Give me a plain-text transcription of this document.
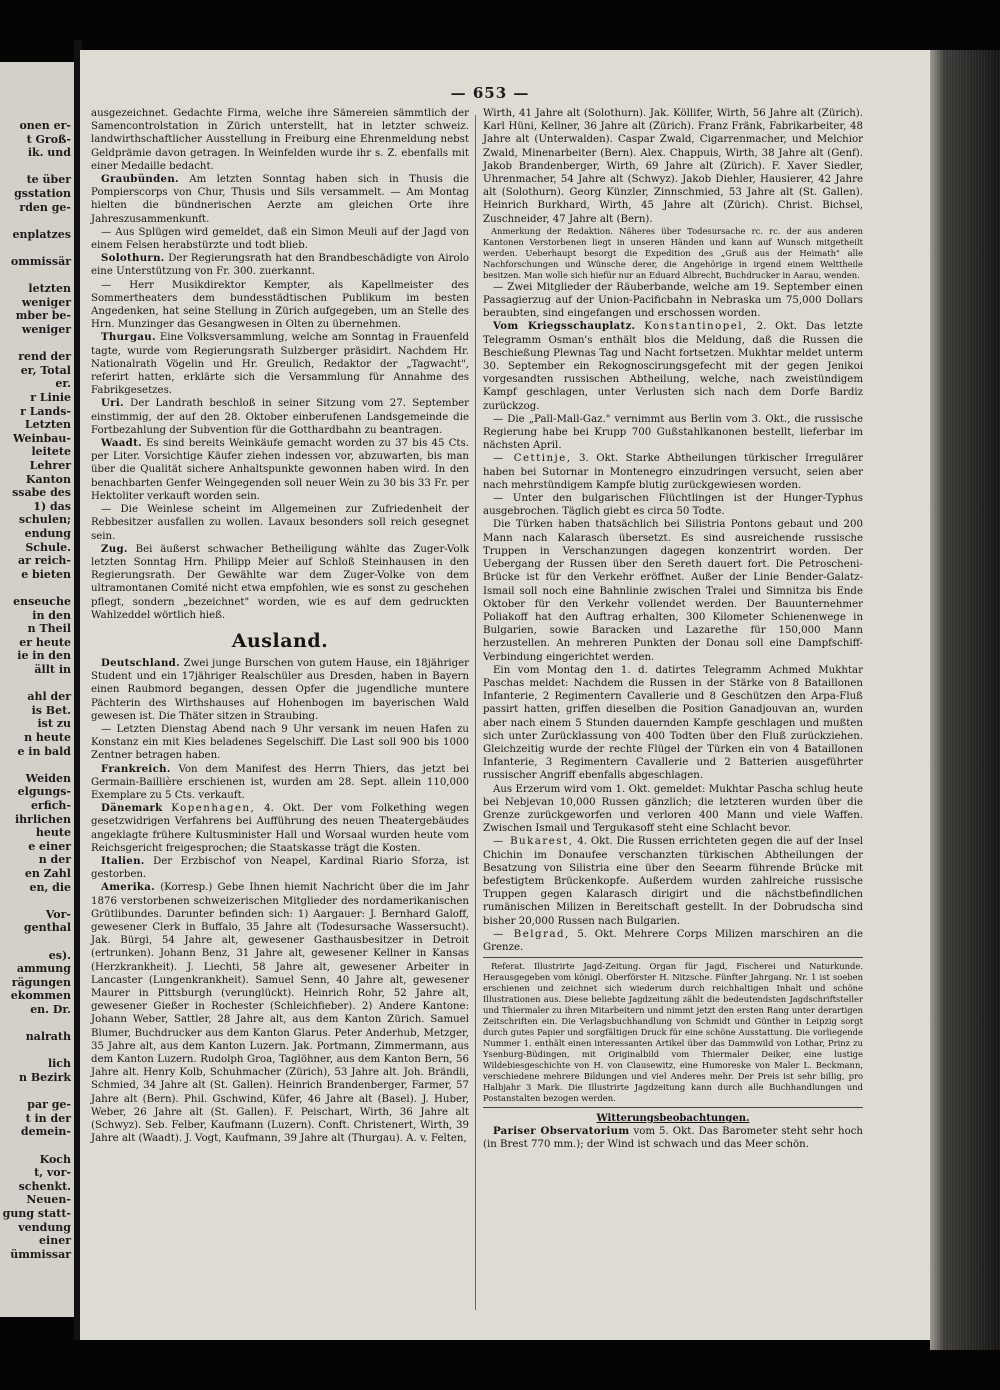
onen er-
t Groß-
ik. und
te über
gsstation
rden ge-
enplatzes
ommissär
letzten
weniger
mber be-
weniger
rend der
er, Total
er.
r Linie
r Lands-
Letzten
Weinbau-
leitete
Lehrer
Kanton
ssabe des
1) das
schulen;
endung
Schule.
ar reich-
e bieten
enseuche
in den
n Theil
er heute
ie in den
ällt in
ahl der
is Bet.
ist zu
n heute
e in bald
Weiden
elgungs-
erfich-
ihrlichen
heute
e einer
n der
en Zahl
en, die
Vor-
genthal
es).
ammung
rägungen
ekommen
en. Dr.
nalrath
lich
n Bezirk
par ge-
t in der
demein-
Koch
t, vor-
schenkt.
Neuen-
gung statt-
vendung
einer
ümmissar
— 653 —

ausgezeichnet. Gedachte Firma, welche ihre Sämereien sämmtlich der Samencontrolstation in Zürich unterstellt, hat in letzter schweiz. landwirthschaftlicher Ausstellung in Freiburg eine Ehrenmeldung nebst Geldprämie davon getragen. In Weinfelden wurde ihr s. Z. ebenfalls mit einer Medaille bedacht.

Graubünden. Am letzten Sonntag haben sich in Thusis die Pompierscorps von Chur, Thusis und Sils versammelt. — Am Montag hielten die bündnerischen Aerzte am gleichen Orte ihre Jahreszusammenkunft.

— Aus Splügen wird gemeldet, daß ein Simon Meuli auf der Jagd von einem Felsen herabstürzte und todt blieb.

Solothurn. Der Regierungsrath hat den Brandbeschädigte von Airolo eine Unterstützung von Fr. 300. zuerkannt.

— Herr Musikdirektor Kempter, als Kapellmeister des Sommertheaters dem bundesstädtischen Publikum im besten Angedenken, hat seine Stellung in Zürich aufgegeben, um an Stelle des Hrn. Munzinger das Gesangwesen in Olten zu übernehmen.

Thurgau. Eine Volksversammlung, welche am Sonntag in Frauenfeld tagte, wurde vom Regierungsrath Sulzberger präsidirt. Nachdem Hr. Nationalrath Vögelin und Hr. Greulich, Redaktor der „Tagwacht", referirt hatten, erklärte sich die Versammlung für Annahme des Fabrikgesetzes.

Uri. Der Landrath beschloß in seiner Sitzung vom 27. September einstimmig, der auf den 28. Oktober einberufenen Landsgemeinde die Fortbezahlung der Subvention für die Gotthardbahn zu beantragen.

Waadt. Es sind bereits Weinkäufe gemacht worden zu 37 bis 45 Cts. per Liter. Vorsichtige Käufer ziehen indessen vor, abzuwarten, bis man über die Qualität sichere Anhaltspunkte gewonnen haben wird. In den benachbarten Genfer Weingegenden soll neuer Wein zu 30 bis 33 Fr. per Hektoliter verkauft worden sein.

— Die Weinlese scheint im Allgemeinen zur Zufriedenheit der Rebbesitzer ausfallen zu wollen. Lavaux besonders soll reich gesegnet sein.

Zug. Bei äußerst schwacher Betheiligung wählte das Zuger-Volk letzten Sonntag Hrn. Philipp Meier auf Schloß Steinhausen in den Regierungsrath. Der Gewählte war dem Zuger-Volke von dem ultramontanen Comité nicht etwa empfohlen, wie es sonst zu geschehen pflegt, sondern „bezeichnet" worden, wie es auf dem gedruckten Wahlzeddel wörtlich hieß.

Ausland.

Deutschland. Zwei junge Burschen von gutem Hause, ein 18jähriger Student und ein 17jähriger Realschüler aus Dresden, haben in Bayern einen Raubmord begangen, dessen Opfer die jugendliche muntere Pächterin des Wirthshauses auf Hohenbogen im bayerischen Wald gewesen ist. Die Thäter sitzen in Straubing.

— Letzten Dienstag Abend nach 9 Uhr versank im neuen Hafen zu Konstanz ein mit Kies beladenes Segelschiff. Die Last soll 900 bis 1000 Zentner betragen haben.

Frankreich. Von dem Manifest des Herrn Thiers, das jetzt bei Germain-Baillière erschienen ist, wurden am 28. Sept. allein 110,000 Exemplare zu 5 Cts. verkauft.

Dänemark Kopenhagen, 4. Okt. Der vom Folkething wegen gesetzwidrigen Verfahrens bei Aufführung des neuen Theatergebäudes angeklagte frühere Kultusminister Hall und Worsaal wurden heute vom Reichsgericht freigesprochen; die Staatskasse trägt die Kosten.

Italien. Der Erzbischof von Neapel, Kardinal Riario Sforza, ist gestorben.

Amerika. (Korresp.) Gebe Ihnen hiemit Nachricht über die im Jahr 1876 verstorbenen schweizerischen Mitglieder des nordamerikanischen Grütlibundes. Darunter befinden sich: 1) Aargauer: J. Bernhard Galoff, gewesener Clerk in Buffalo, 35 Jahre alt (Todesursache Wassersucht). Jak. Bürgi, 54 Jahre alt, gewesener Gasthausbesitzer in Detroit (ertrunken). Johann Benz, 31 Jahre alt, gewesener Kellner in Kansas (Herzkrankheit). J. Liechti, 58 Jahre alt, gewesener Arbeiter in Lancaster (Lungenkrankheit). Samuel Senn, 40 Jahre alt, gewesener Maurer in Pittsburgh (verunglückt). Heinrich Rohr, 52 Jahre alt, gewesener Gießer in Rochester (Schleichfieber). 2) Andere Kantone: Johann Weber, Sattler, 28 Jahre alt, aus dem Kanton Zürich. Samuel Blumer, Buchdrucker aus dem Kanton Glarus. Peter Anderhub, Metzger, 35 Jahre alt, aus dem Kanton Luzern. Jak. Portmann, Zimmermann, aus dem Kanton Luzern. Rudolph Groa, Taglöhner, aus dem Kanton Bern, 56 Jahre alt. Henry Kolb, Schuhmacher (Zürich), 53 Jahre alt. Joh. Brändli, Schmied, 34 Jahre alt (St. Gallen). Heinrich Brandenberger, Farmer, 57 Jahre alt (Bern). Phil. Gschwind, Küfer, 46 Jahre alt (Basel). J. Huber, Weber, 26 Jahre alt (St. Gallen). F. Peischart, Wirth, 36 Jahre alt (Schwyz). Seb. Felber, Kaufmann (Luzern). Conft. Christenert, Wirth, 39 Jahre alt (Waadt). J. Vogt, Kaufmann, 39 Jahre alt (Thurgau). A. v. Felten,

Wirth, 41 Jahre alt (Solothurn). Jak. Köllifer, Wirth, 56 Jahre alt (Zürich). Karl Hüni, Kellner, 36 Jahre alt (Zürich). Franz Fränk, Fabrikarbeiter, 48 Jahre alt (Unterwalden). Caspar Zwald, Cigarrenmacher, und Melchior Zwald, Minenarbeiter (Bern). Alex. Chappuis, Wirth, 38 Jahre alt (Genf). Jakob Brandenberger, Wirth, 69 Jahre alt (Zürich). F. Xaver Siedler, Uhrenmacher, 54 Jahre alt (Schwyz). Jakob Diehler, Hausierer, 42 Jahre alt (Solothurn). Georg Künzler, Zinnschmied, 53 Jahre alt (St. Gallen). Heinrich Burkhard, Wirth, 45 Jahre alt (Zürich). Christ. Bichsel, Zuschneider, 47 Jahre alt (Bern).

Anmerkung der Redaktion. Näheres über Todesursache rc. rc. der aus anderen Kantonen Verstorbenen liegt in unseren Händen und kann auf Wunsch mitgetheilt werden. Ueberhaupt besorgt die Expedition des „Gruß aus der Heimath" alle Nachforschungen und Wünsche derer, die Angehörige in irgend einem Welttheile besitzen. Man wolle sich hiefür nur an Eduard Albrecht, Buchdrucker in Aarau, wenden.

— Zwei Mitglieder der Räuberbande, welche am 19. September einen Passagierzug auf der Union-Pacificbahn in Nebraska um 75,000 Dollars beraubten, sind eingefangen und erschossen worden.

Vom Kriegsschauplatz. Konstantinopel, 2. Okt. Das letzte Telegramm Osman's enthält blos die Meldung, daß die Russen die Beschießung Plewnas Tag und Nacht fortsetzen. Mukhtar meldet unterm 30. September ein Rekognoscirungsgefecht mit der gegen Jenikoi vorgesandten russischen Abtheilung, welche, nach zweistündigem Kampf geschlagen, unter Verlusten sich nach dem Dorfe Bardiz zurückzog.

— Die „Pall-Mall-Gaz." vernimmt aus Berlin vom 3. Okt., die russische Regierung habe bei Krupp 700 Gußstahlkanonen bestellt, lieferbar im nächsten April.

— Cettinje, 3. Okt. Starke Abtheilungen türkischer Irregulärer haben bei Sutornar in Montenegro einzudringen versucht, seien aber nach mehrstündigem Kampfe blutig zurückgewiesen worden.

— Unter den bulgarischen Flüchtlingen ist der Hunger-Typhus ausgebrochen. Täglich giebt es circa 50 Todte.

Die Türken haben thatsächlich bei Silistria Pontons gebaut und 200 Mann nach Kalarasch übersetzt. Es sind ausreichende russische Truppen in Verschanzungen dagegen konzentrirt worden. Der Uebergang der Russen über den Sereth dauert fort. Die Petroscheni-Brücke ist für den Verkehr eröffnet. Außer der Linie Bender-Galatz-Ismail soll noch eine Bahnlinie zwischen Tralei und Simnitza bis Ende Oktober für den Verkehr vollendet werden. Der Bauunternehmer Poliakoff hat den Auftrag erhalten, 300 Kilometer Schienenwege in Bulgarien, sowie Baracken und Lazarethe für 150,000 Mann herzustellen. An mehreren Punkten der Donau soll eine Dampfschiff-Verbindung eingerichtet werden.

Ein vom Montag den 1. d. datirtes Telegramm Achmed Mukhtar Paschas meldet: Nachdem die Russen in der Stärke von 8 Bataillonen Infanterie, 2 Regimentern Cavallerie und 8 Geschützen den Arpa-Fluß passirt hatten, griffen dieselben die Position Ganadjouvan an, wurden aber nach einem 5 Stunden dauernden Kampfe geschlagen und mußten sich unter Zurücklassung von 400 Todten über den Fluß zurückziehen. Gleichzeitig wurde der rechte Flügel der Türken ein von 4 Bataillonen Infanterie, 3 Regimentern Cavallerie und 2 Batterien ausgeführter russischer Angriff ebenfalls abgeschlagen.

Aus Erzerum wird vom 1. Okt. gemeldet: Mukhtar Pascha schlug heute bei Nebjevan 10,000 Russen gänzlich; die letzteren wurden über die Grenze zurückgeworfen und verloren 400 Mann und viele Waffen. Zwischen Ismail und Tergukasoff steht eine Schlacht bevor.

— Bukarest, 4. Okt. Die Russen errichteten gegen die auf der Insel Chichin im Donaufee verschanzten türkischen Abtheilungen der Besatzung von Silistria eine über den Seearm führende Brücke mit befestigtem Brückenkopfe. Außerdem wurden zahlreiche russische Truppen gegen Kalarasch dirigirt und die nächstbefindlichen rumänischen Milizen in Bereitschaft gestellt. In der Dobrudscha sind bisher 20,000 Russen nach Bulgarien.

— Belgrad, 5. Okt. Mehrere Corps Milizen marschiren an die Grenze.

Referat. Illustrirte Jagd-Zeitung. Organ für Jagd, Fischerei und Naturkunde. Herausgegeben vom königl. Oberförster H. Nitzsche. Fünfter Jahrgang. Nr. 1 ist soeben erschienen und zeichnet sich wiederum durch reichhaltigen Inhalt und schöne Illustrationen aus. Diese beliebte Jagdzeitung zählt die bedeutendsten Jagdschriftsteller und Thiermaler zu ihren Mitarbeitern und nimmt jetzt den ersten Rang unter derartigen Zeitschriften ein. Die Verlagsbuchhandlung von Schmidt und Günther in Leipzig sorgt durch gutes Papier und sorgfältigen Druck für eine schöne Ausstattung. Die vorliegende Nummer 1. enthält einen interessanten Artikel über das Dammwild von Lothar, Prinz zu Ysenburg-Büdingen, mit Originalbild vom Thiermaler Deiker, eine lustige Wildebiesgeschichte von H. von Clausewitz, eine Humoreske von Maler L. Beckmann, verschiedene mehrere Bildungen und viel Anderes mehr. Der Preis ist sehr billig, pro Halbjahr 3 Mark. Die Illustrirte Jagdzeitung kann durch alle Buchhandlungen und Postanstalten bezogen werden.

Witterungsbeobachtungen.

Pariser Observatorium vom 5. Okt. Das Barometer steht sehr hoch (in Brest 770 mm.); der Wind ist schwach und das Meer schön.
